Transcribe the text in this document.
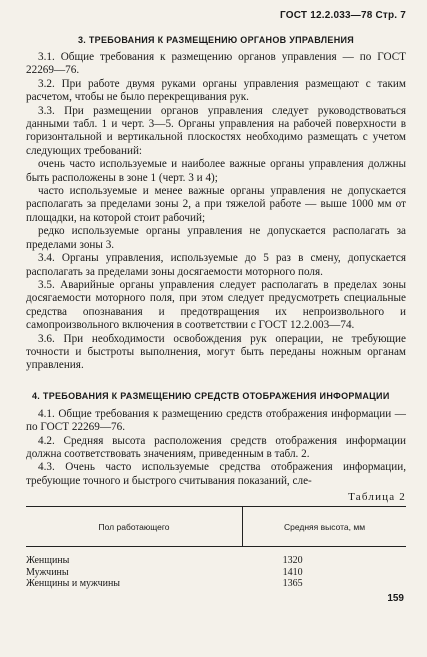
ГОСТ 12.2.033—78 Стр. 7
3. ТРЕБОВАНИЯ К РАЗМЕЩЕНИЮ ОРГАНОВ УПРАВЛЕНИЯ

3.1. Общие требования к размещению органов управления — по ГОСТ 22269—76.

3.2. При работе двумя руками органы управления размещают с таким расчетом, чтобы не было перекрещивания рук.

3.3. При размещении органов управления следует руководствоваться данными табл. 1 и черт. 3—5. Органы управления на рабочей поверхности в горизонтальной и вертикальной плоскостях необходимо размещать с учетом следующих требований:

очень часто используемые и наиболее важные органы управления должны быть расположены в зоне 1 (черт. 3 и 4);

часто используемые и менее важные органы управления не допускается располагать за пределами зоны 2, а при тяжелой работе — выше 1000 мм от площадки, на которой стоит рабочий;

редко используемые органы управления не допускается располагать за пределами зоны 3.

3.4. Органы управления, используемые до 5 раз в смену, допускается располагать за пределами зоны досягаемости моторного поля.

3.5. Аварийные органы управления следует располагать в пределах зоны досягаемости моторного поля, при этом следует предусмотреть специальные средства опознавания и предотвращения их непроизвольного и самопроизвольного включения в соответствии с ГОСТ 12.2.003—74.

3.6. При необходимости освобождения рук операции, не требующие точности и быстроты выполнения, могут быть переданы ножным органам управления.

4. ТРЕБОВАНИЯ К РАЗМЕЩЕНИЮ СРЕДСТВ ОТОБРАЖЕНИЯ ИНФОРМАЦИИ

4.1. Общие требования к размещению средств отображения информации — по ГОСТ 22269—76.

4.2. Средняя высота расположения средств отображения информации должна соответствовать значениям, приведенным в табл. 2.

4.3. Очень часто используемые средства отображения информации, требующие точного и быстрого считывания показаний, сле-

Таблица 2
Пол работающего	Средняя высота, мм
Женщины	1320
Мужчины	1410
Женщины и мужчины	1365
159
